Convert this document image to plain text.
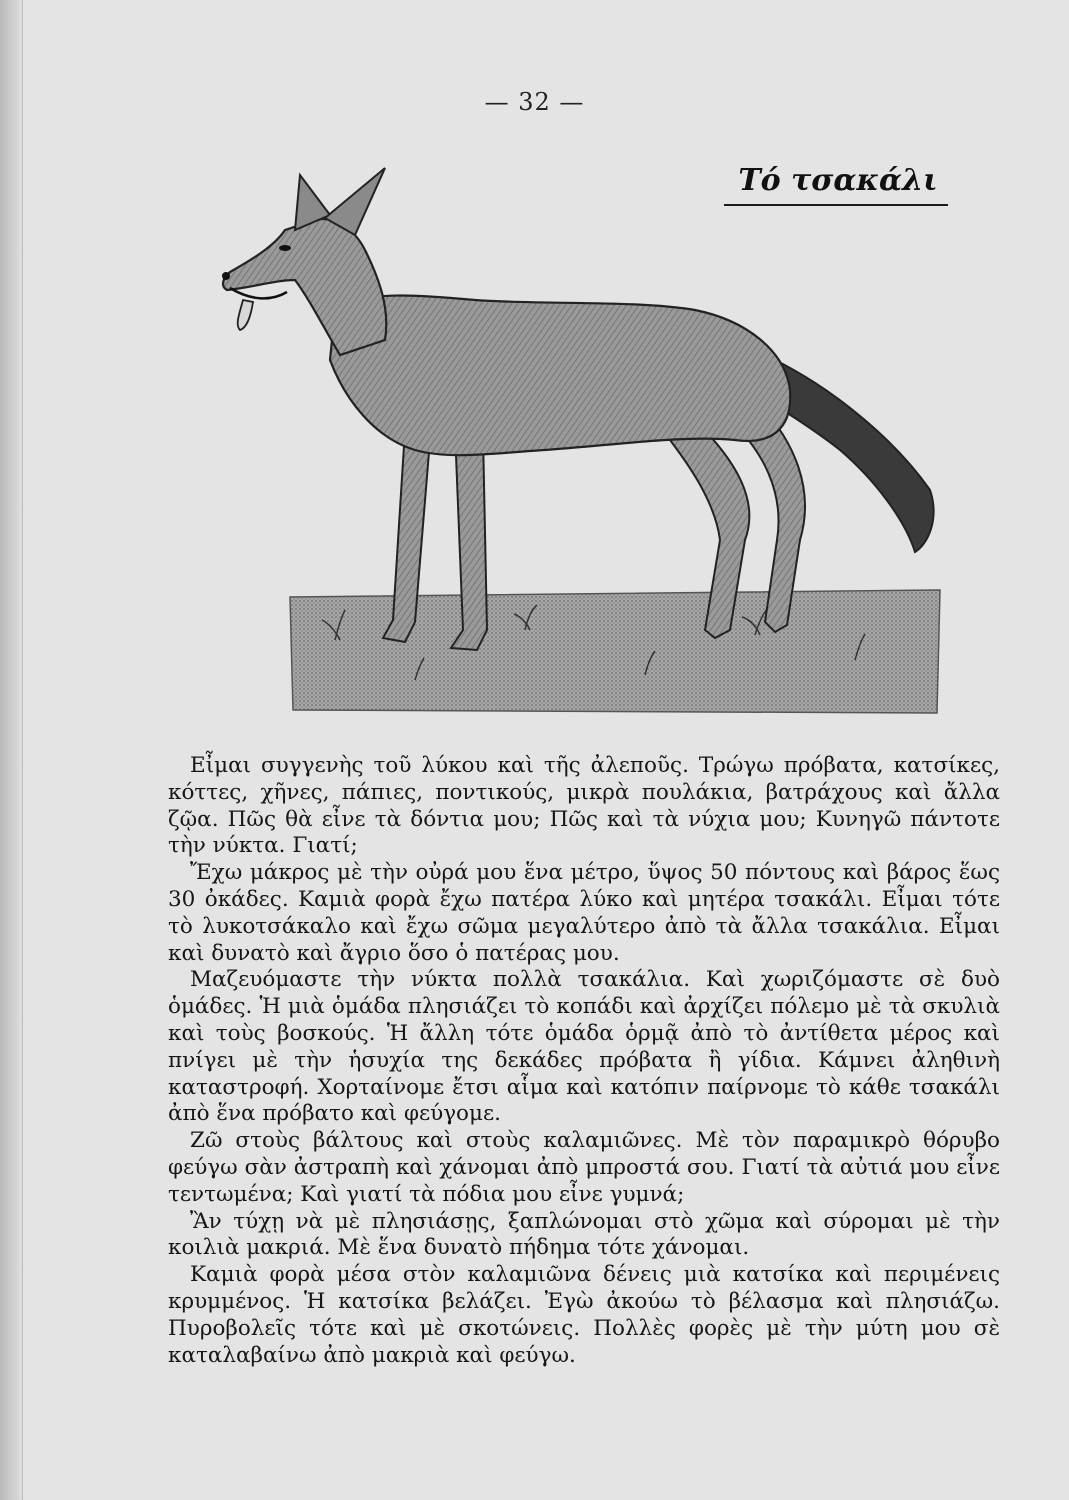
— 32 —
Τό τσακάλι

Εἶμαι συγγενὴς τοῦ λύκου καὶ τῆς ἀλεποῦς. Τρώγω πρόβατα, κατσίκες, κόττες, χῆνες, πάπιες, ποντικούς, μικρὰ πουλάκια, βατράχους καὶ ἄλλα ζῷα. Πῶς θὰ εἶνε τὰ δόντια μου; Πῶς καὶ τὰ νύχια μου; Κυνηγῶ πάντοτε τὴν νύκτα. Γιατί;

Ἔχω μάκρος μὲ τὴν οὐρά μου ἕνα μέτρο, ὕψος 50 πόντους καὶ βάρος ἕως 30 ὀκάδες. Καμιὰ φορὰ ἔχω πατέρα λύκο καὶ μητέρα τσακάλι. Εἶμαι τότε τὸ λυκοτσάκαλο καὶ ἔχω σῶμα μεγαλύτερο ἀπὸ τὰ ἄλλα τσακάλια. Εἶμαι καὶ δυνατὸ καὶ ἄγριο ὅσο ὁ πατέρας μου.

Μαζευόμαστε τὴν νύκτα πολλὰ τσακάλια. Καὶ χωριζόμαστε σὲ δυὸ ὁμάδες. Ἡ μιὰ ὁμάδα πλησιάζει τὸ κοπάδι καὶ ἀρχίζει πόλεμο μὲ τὰ σκυλιὰ καὶ τοὺς βοσκούς. Ἡ ἄλλη τότε ὁμάδα ὁρμᾷ ἀπὸ τὸ ἀντίθετα μέρος καὶ πνίγει μὲ τὴν ἡσυχία της δεκάδες πρόβατα ἢ γίδια. Κάμνει ἀληθινὴ καταστροφή. Χορταίνομε ἔτσι αἷμα καὶ κατόπιν παίρνομε τὸ κάθε τσακάλι ἀπὸ ἕνα πρόβατο καὶ φεύγομε.

Ζῶ στοὺς βάλτους καὶ στοὺς καλαμιῶνες. Μὲ τὸν παραμικρὸ θόρυβο φεύγω σὰν ἀστραπὴ καὶ χάνομαι ἀπὸ μπροστά σου. Γιατί τὰ αὐτιά μου εἶνε τεντωμένα; Καὶ γιατί τὰ πόδια μου εἶνε γυμνά;

Ἂν τύχῃ νὰ μὲ πλησιάσῃς, ξαπλώνομαι στὸ χῶμα καὶ σύρομαι μὲ τὴν κοιλιὰ μακριά. Μὲ ἕνα δυνατὸ πήδημα τότε χάνομαι.

Καμιὰ φορὰ μέσα στὸν καλαμιῶνα δένεις μιὰ κατσίκα καὶ περιμένεις κρυμμένος. Ἡ κατσίκα βελάζει. Ἐγὼ ἀκούω τὸ βέλασμα καὶ πλησιάζω. Πυροβολεῖς τότε καὶ μὲ σκοτώνεις. Πολλὲς φορὲς μὲ τὴν μύτη μου σὲ καταλαβαίνω ἀπὸ μακριὰ καὶ φεύγω.
